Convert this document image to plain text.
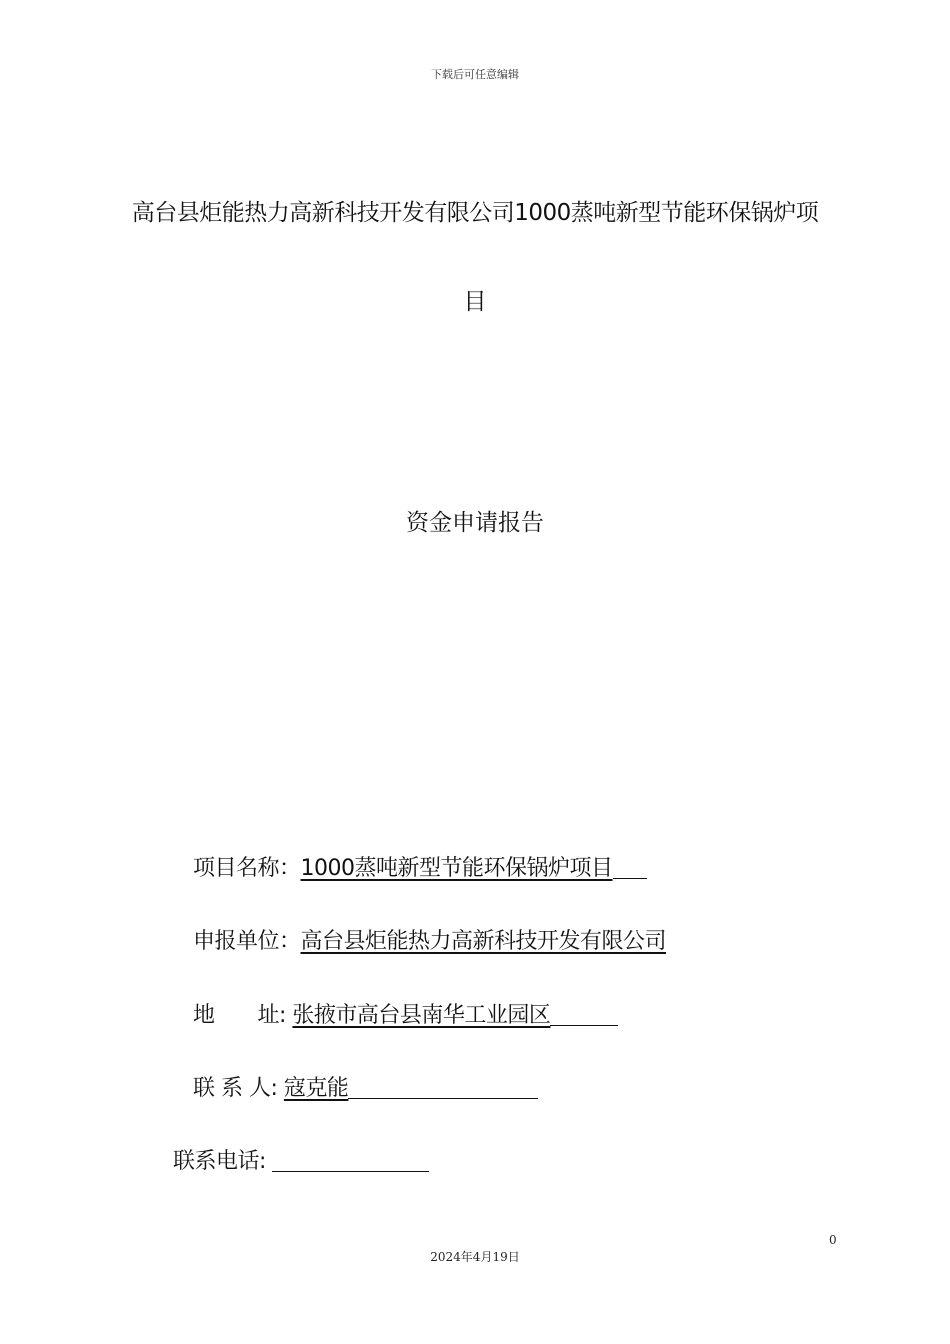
下载后可任意编辑
高台县炬能热力高新科技开发有限公司1000蒸吨新型节能环保锅炉项
目
资金申请报告
项目名称：1000蒸吨新型节能环保锅炉项目
申报单位：高台县炬能热力高新科技开发有限公司
地　　址: 张掖市高台县南华工业园区
联 系 人: 寇克能
联系电话:
0
2024年4月19日
